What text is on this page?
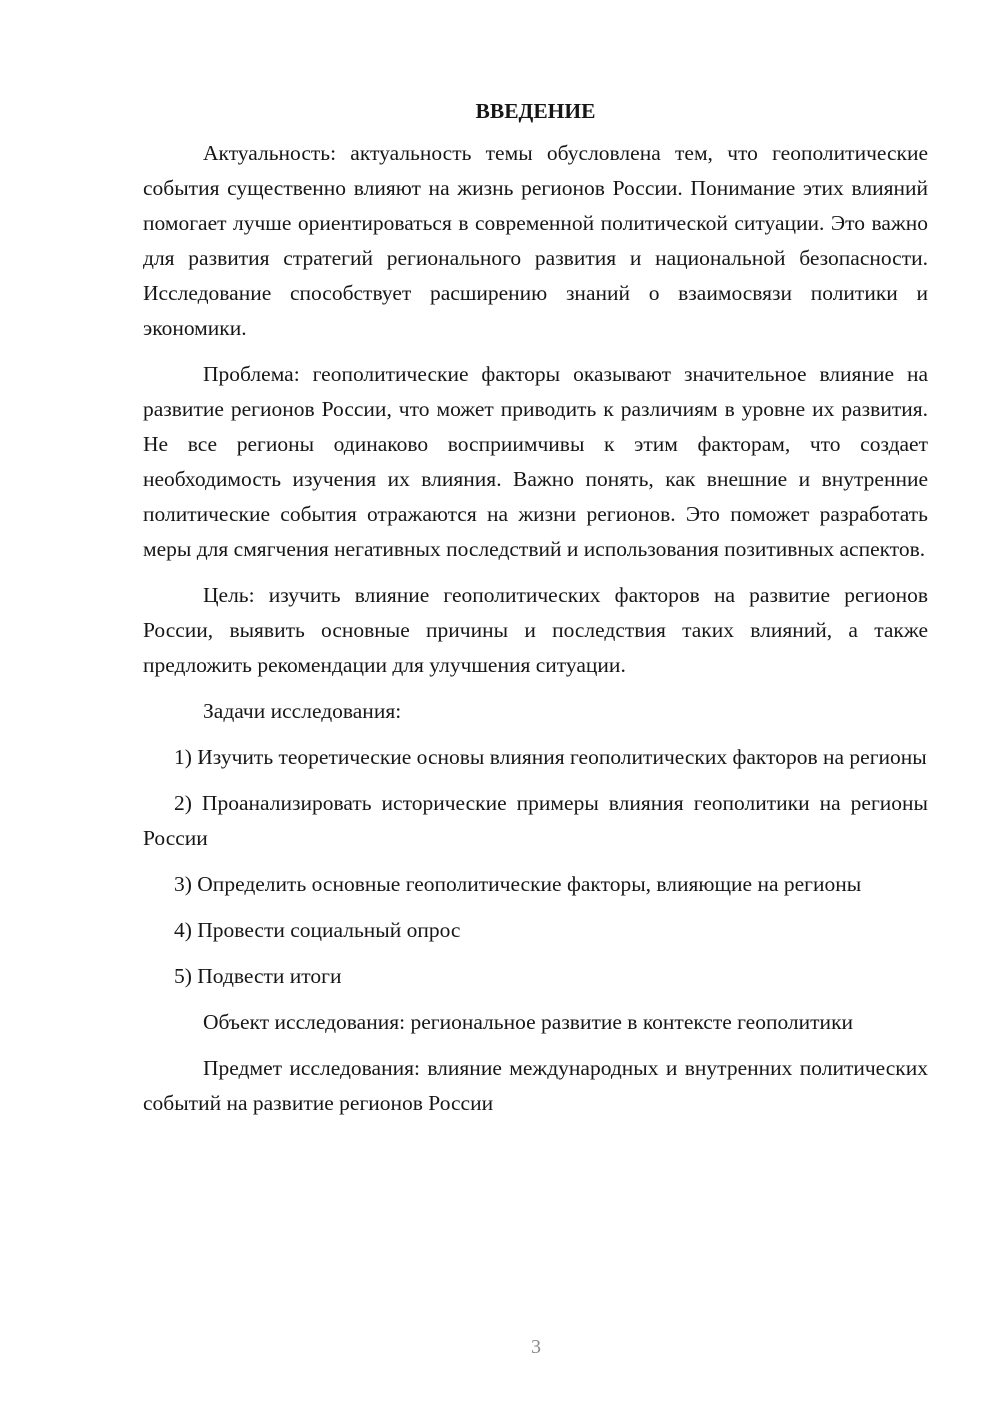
ВВЕДЕНИЕ

Актуальность: актуальность темы обусловлена тем, что геополитические события существенно влияют на жизнь регионов России. Понимание этих влияний помогает лучше ориентироваться в современной политической ситуации. Это важно для развития стратегий регионального развития и национальной безопасности. Исследование способствует расширению знаний о взаимосвязи политики и экономики.

Проблема: геополитические факторы оказывают значительное влияние на развитие регионов России, что может приводить к различиям в уровне их развития. Не все регионы одинаково восприимчивы к этим факторам, что создает необходимость изучения их влияния. Важно понять, как внешние и внутренние политические события отражаются на жизни регионов. Это поможет разработать меры для смягчения негативных последствий и использования позитивных аспектов.

Цель: изучить влияние геополитических факторов на развитие регионов России, выявить основные причины и последствия таких влияний, а также предложить рекомендации для улучшения ситуации.

Задачи исследования:

1) Изучить теоретические основы влияния геополитических факторов на регионы

2) Проанализировать исторические примеры влияния геополитики на регионы России

3) Определить основные геополитические факторы, влияющие на регионы

4) Провести социальный опрос

5) Подвести итоги

Объект исследования: региональное развитие в контексте геополитики

Предмет исследования: влияние международных и внутренних политических событий на развитие регионов России

3
